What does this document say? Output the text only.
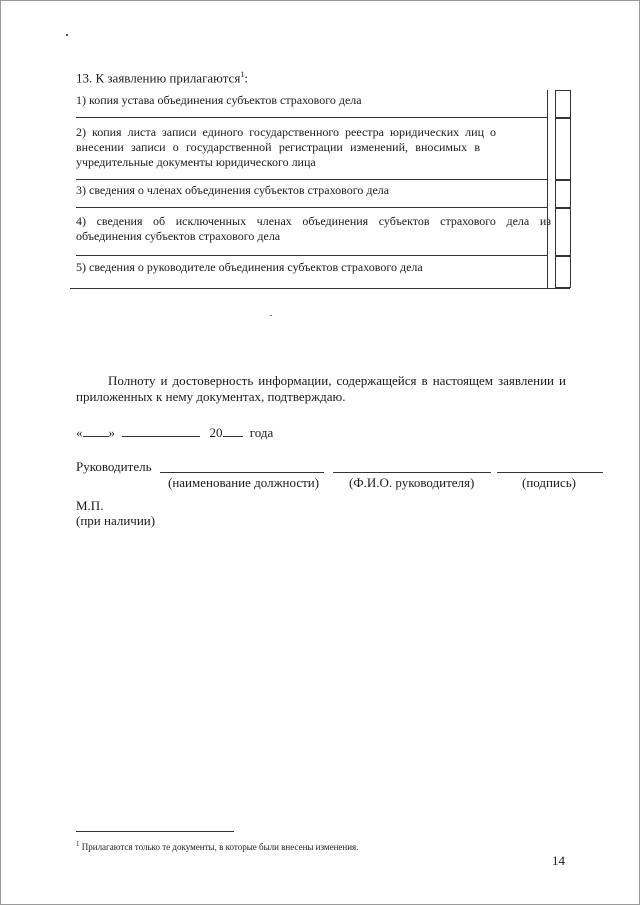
13. К заявлению прилагаются$^1$:
1) копия устава объединения субъектов страхового дела
2) копия листа записи единого государственного реестра юридических лиц о
внесении записи о государственной регистрации изменений, вносимых в
учредительные документы юридического лица
3) сведения о членах объединения субъектов страхового дела
4) сведения об исключенных членах объединения субъектов страхового дела из
объединения субъектов страхового дела
5) сведения о руководителе объединения субъектов страхового дела
Полноту и достоверность информации, содержащейся в настоящем заявлении и
приложенных к нему документах, подтверждаю.
« »	20 года
Руководитель
(наименование должности) (Ф.И.О. руководителя)	(подпись)
М.П.
(при наличии)
$^1$ Прилагаются только те документы, в которые были внесены изменения.
14
